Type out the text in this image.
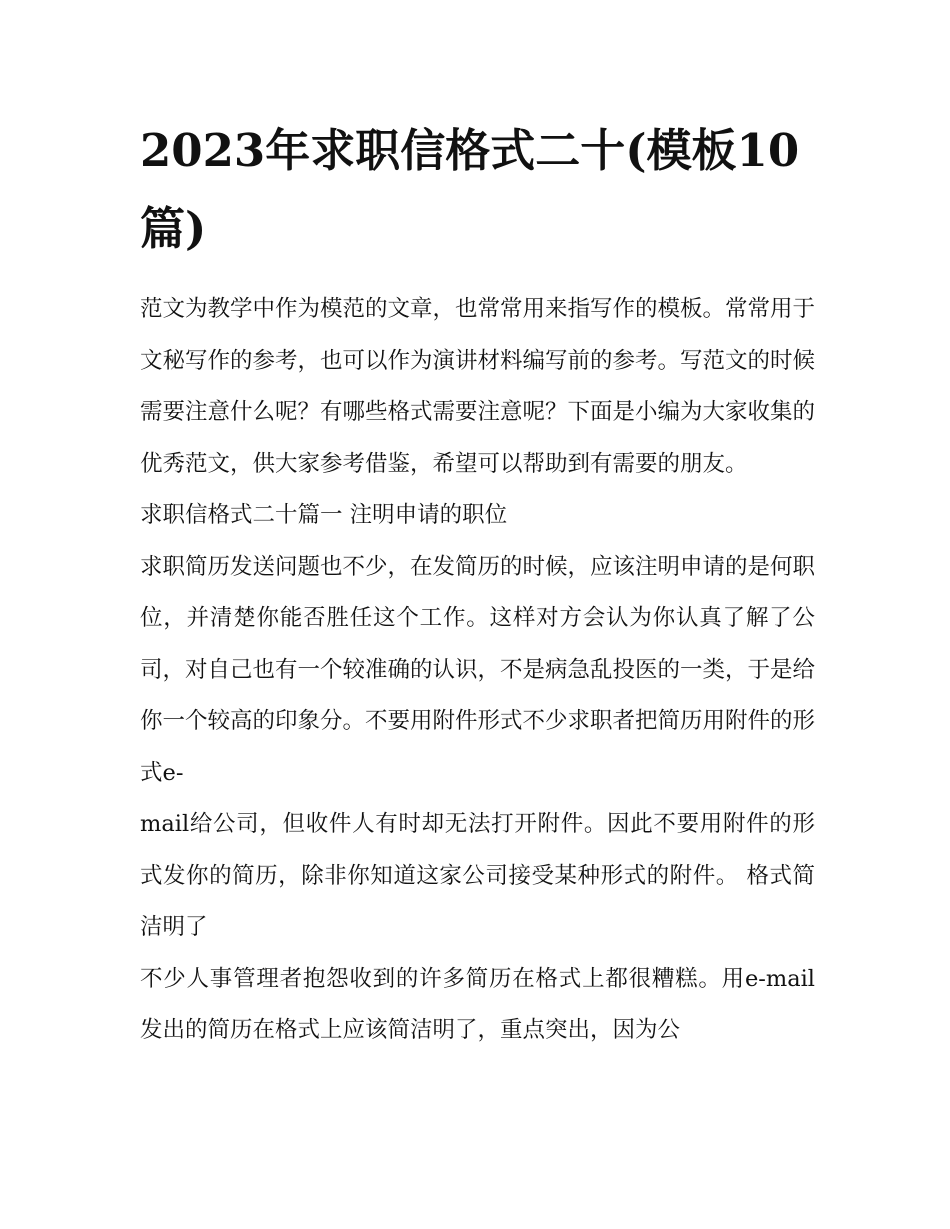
2023年求职信格式二十(模板10篇)

范文为教学中作为模范的文章，也常常用来指写作的模板。常常用于文秘写作的参考，也可以作为演讲材料编写前的参考。写范文的时候需要注意什么呢？有哪些格式需要注意呢？下面是小编为大家收集的优秀范文，供大家参考借鉴，希望可以帮助到有需要的朋友。

求职信格式二十篇一 注明申请的职位

求职简历发送问题也不少，在发简历的时候，应该注明申请的是何职位，并清楚你能否胜任这个工作。这样对方会认为你认真了解了公司，对自己也有一个较准确的认识，不是病急乱投医的一类，于是给你一个较高的印象分。不要用附件形式不少求职者把简历用附件的形式e-

mail给公司，但收件人有时却无法打开附件。因此不要用附件的形式发你的简历，除非你知道这家公司接受某种形式的附件。 格式简洁明了

不少人事管理者抱怨收到的许多简历在格式上都很糟糕。用e-mail发出的简历在格式上应该简洁明了，重点突出，因为公
